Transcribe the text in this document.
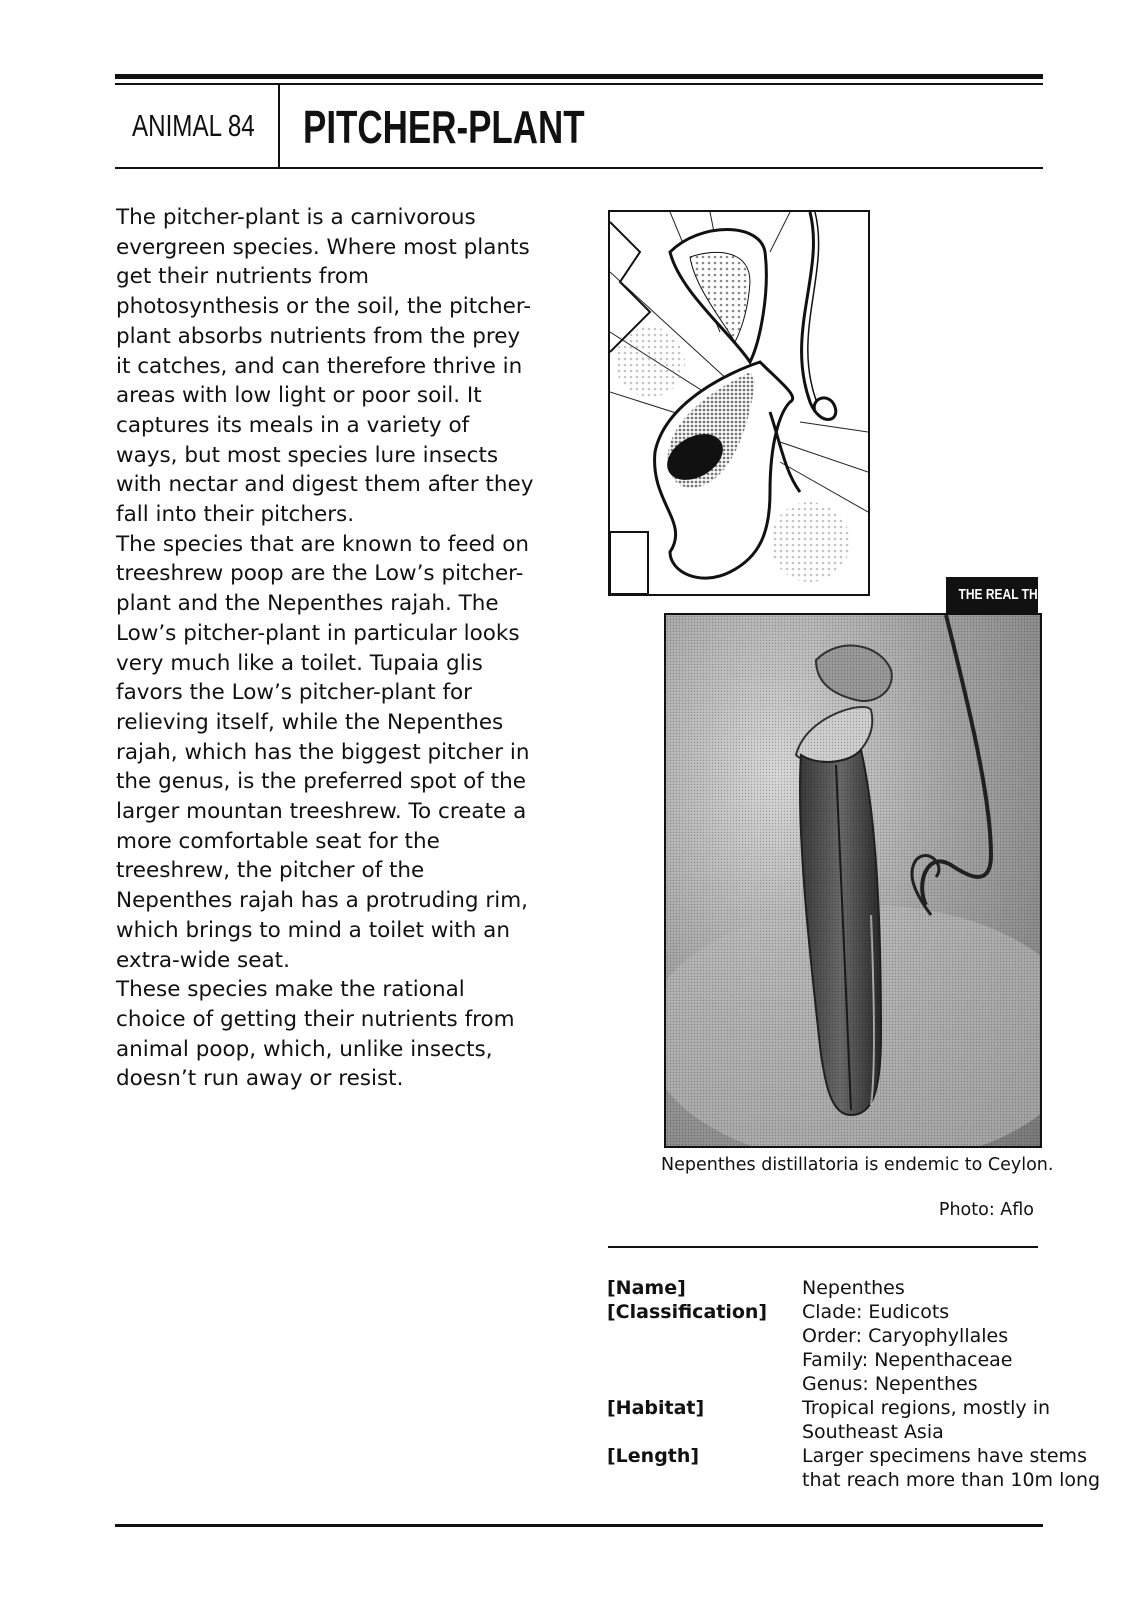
ANIMAL 84 PITCHER-PLANT

The pitcher-plant is a carnivorous evergreen species. Where most plants get their nutrients from photosynthesis or the soil, the pitcher-plant absorbs nutrients from the prey it catches, and can therefore thrive in areas with low light or poor soil. It captures its meals in a variety of ways, but most species lure insects with nectar and digest them after they fall into their pitchers.

The species that are known to feed on treeshrew poop are the Low’s pitcher-plant and the Nepenthes rajah. The Low’s pitcher-plant in particular looks very much like a toilet. Tupaia glis favors the Low’s pitcher-plant for relieving itself, while the Nepenthes rajah, which has the biggest pitcher in the genus, is the preferred spot of the larger mountan treeshrew. To create a more comfortable seat for the treeshrew, the pitcher of the Nepenthes rajah has a protruding rim, which brings to mind a toilet with an extra-wide seat.

These species make the rational choice of getting their nutrients from animal poop, which, unlike insects, doesn’t run away or resist.

THE REAL THING
Nepenthes distillatoria is endemic to Ceylon.
Photo: Aflo
[Name]	Nepenthes
[Classification] Clade: Eudicots
Order: Caryophyllales
Family: Nepenthaceae
Genus: Nepenthes
[Habitat]	Tropical regions, mostly in
Southeast Asia
[Length]	Larger specimens have stems
that reach more than 10m long
